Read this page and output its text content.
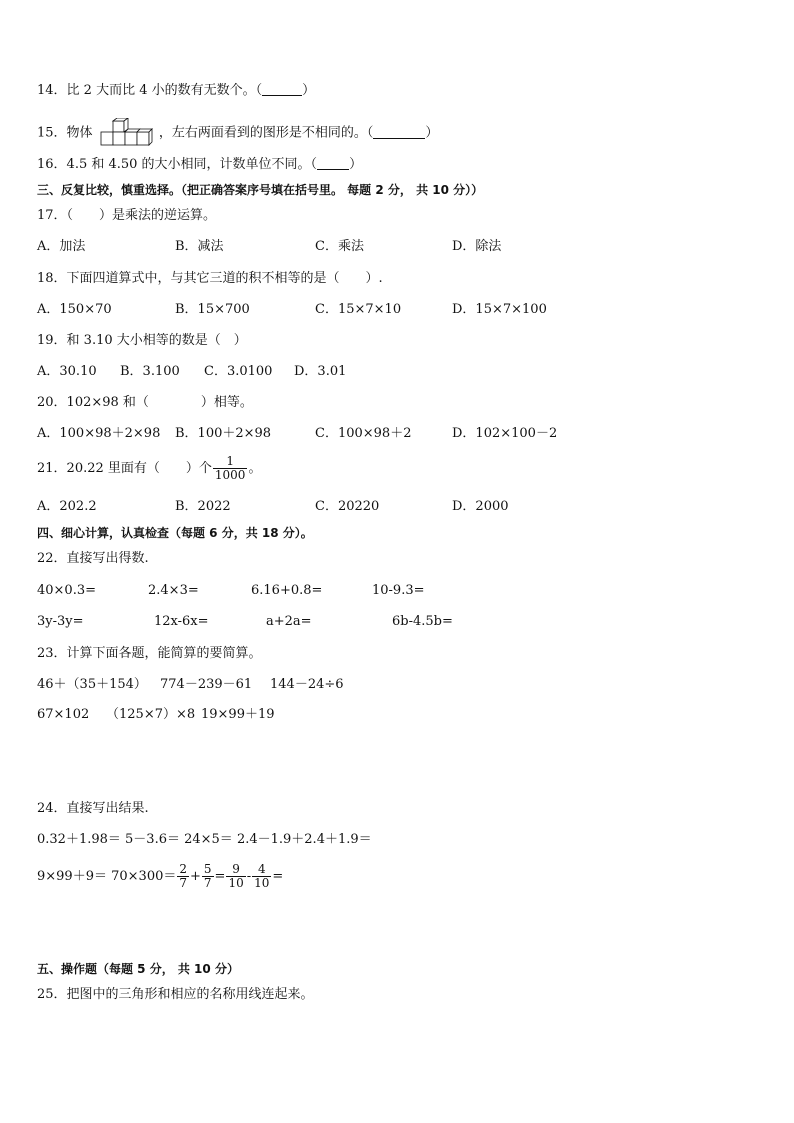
14．比 2 大而比 4 小的数有无数个。（	）
15．物体	，左右两面看到的图形是不相同的。（	）
16．4.5 和 4.50 的大小相同，计数单位不同。（ ）
三、反复比较，慎重选择。（把正确答案序号填在括号里。 每题 2 分， 共 10 分））
17．（　　）是乘法的逆运算。
A．加法	B．减法	C．乘法	D．除法
18．下面四道算式中，与其它三道的积不相等的是（　　）.
A．150×70	B．15×700	C．15×7×10	D．15×7×100
19．和 3.10 大小相等的数是（　）
A．30.10 B．3.100 C．3.0100 D．3.01
20．102×98 和（　　　　）相等。
A．100×98＋2×98 B．100＋2×98	C．100×98＋2	D．102×100－2
21．20.22 里面有（　　）个 $\frac{1}{1000}$ 。
A．202.2	B．2022	C．20220	D．2000
四、细心计算，认真检查（每题 6 分，共 18 分）。
22．直接写出得数.
40×0.3=	2.4×3=	6.16+0.8=	10-9.3=
3y-3y=	12x-6x=	a+2a=	6b-4.5b=
23．计算下面各题，能简算的要简算。
46＋（35＋154） 774－239－61 144－24÷6
67×102 （125×7）×8 19×99＋19
24．直接写出结果.
0.32＋1.98＝ 5－3.6＝ 24×5＝ 2.4－1.9＋2.4＋1.9＝
$9\times 99+9= 70\times 300= \frac{2}{7} + \frac{5}{7} = \frac{9}{10} - \frac{4}{10}$ =
五、操作题（每题 5 分， 共 10 分）
25．把图中的三角形和相应的名称用线连起来。
